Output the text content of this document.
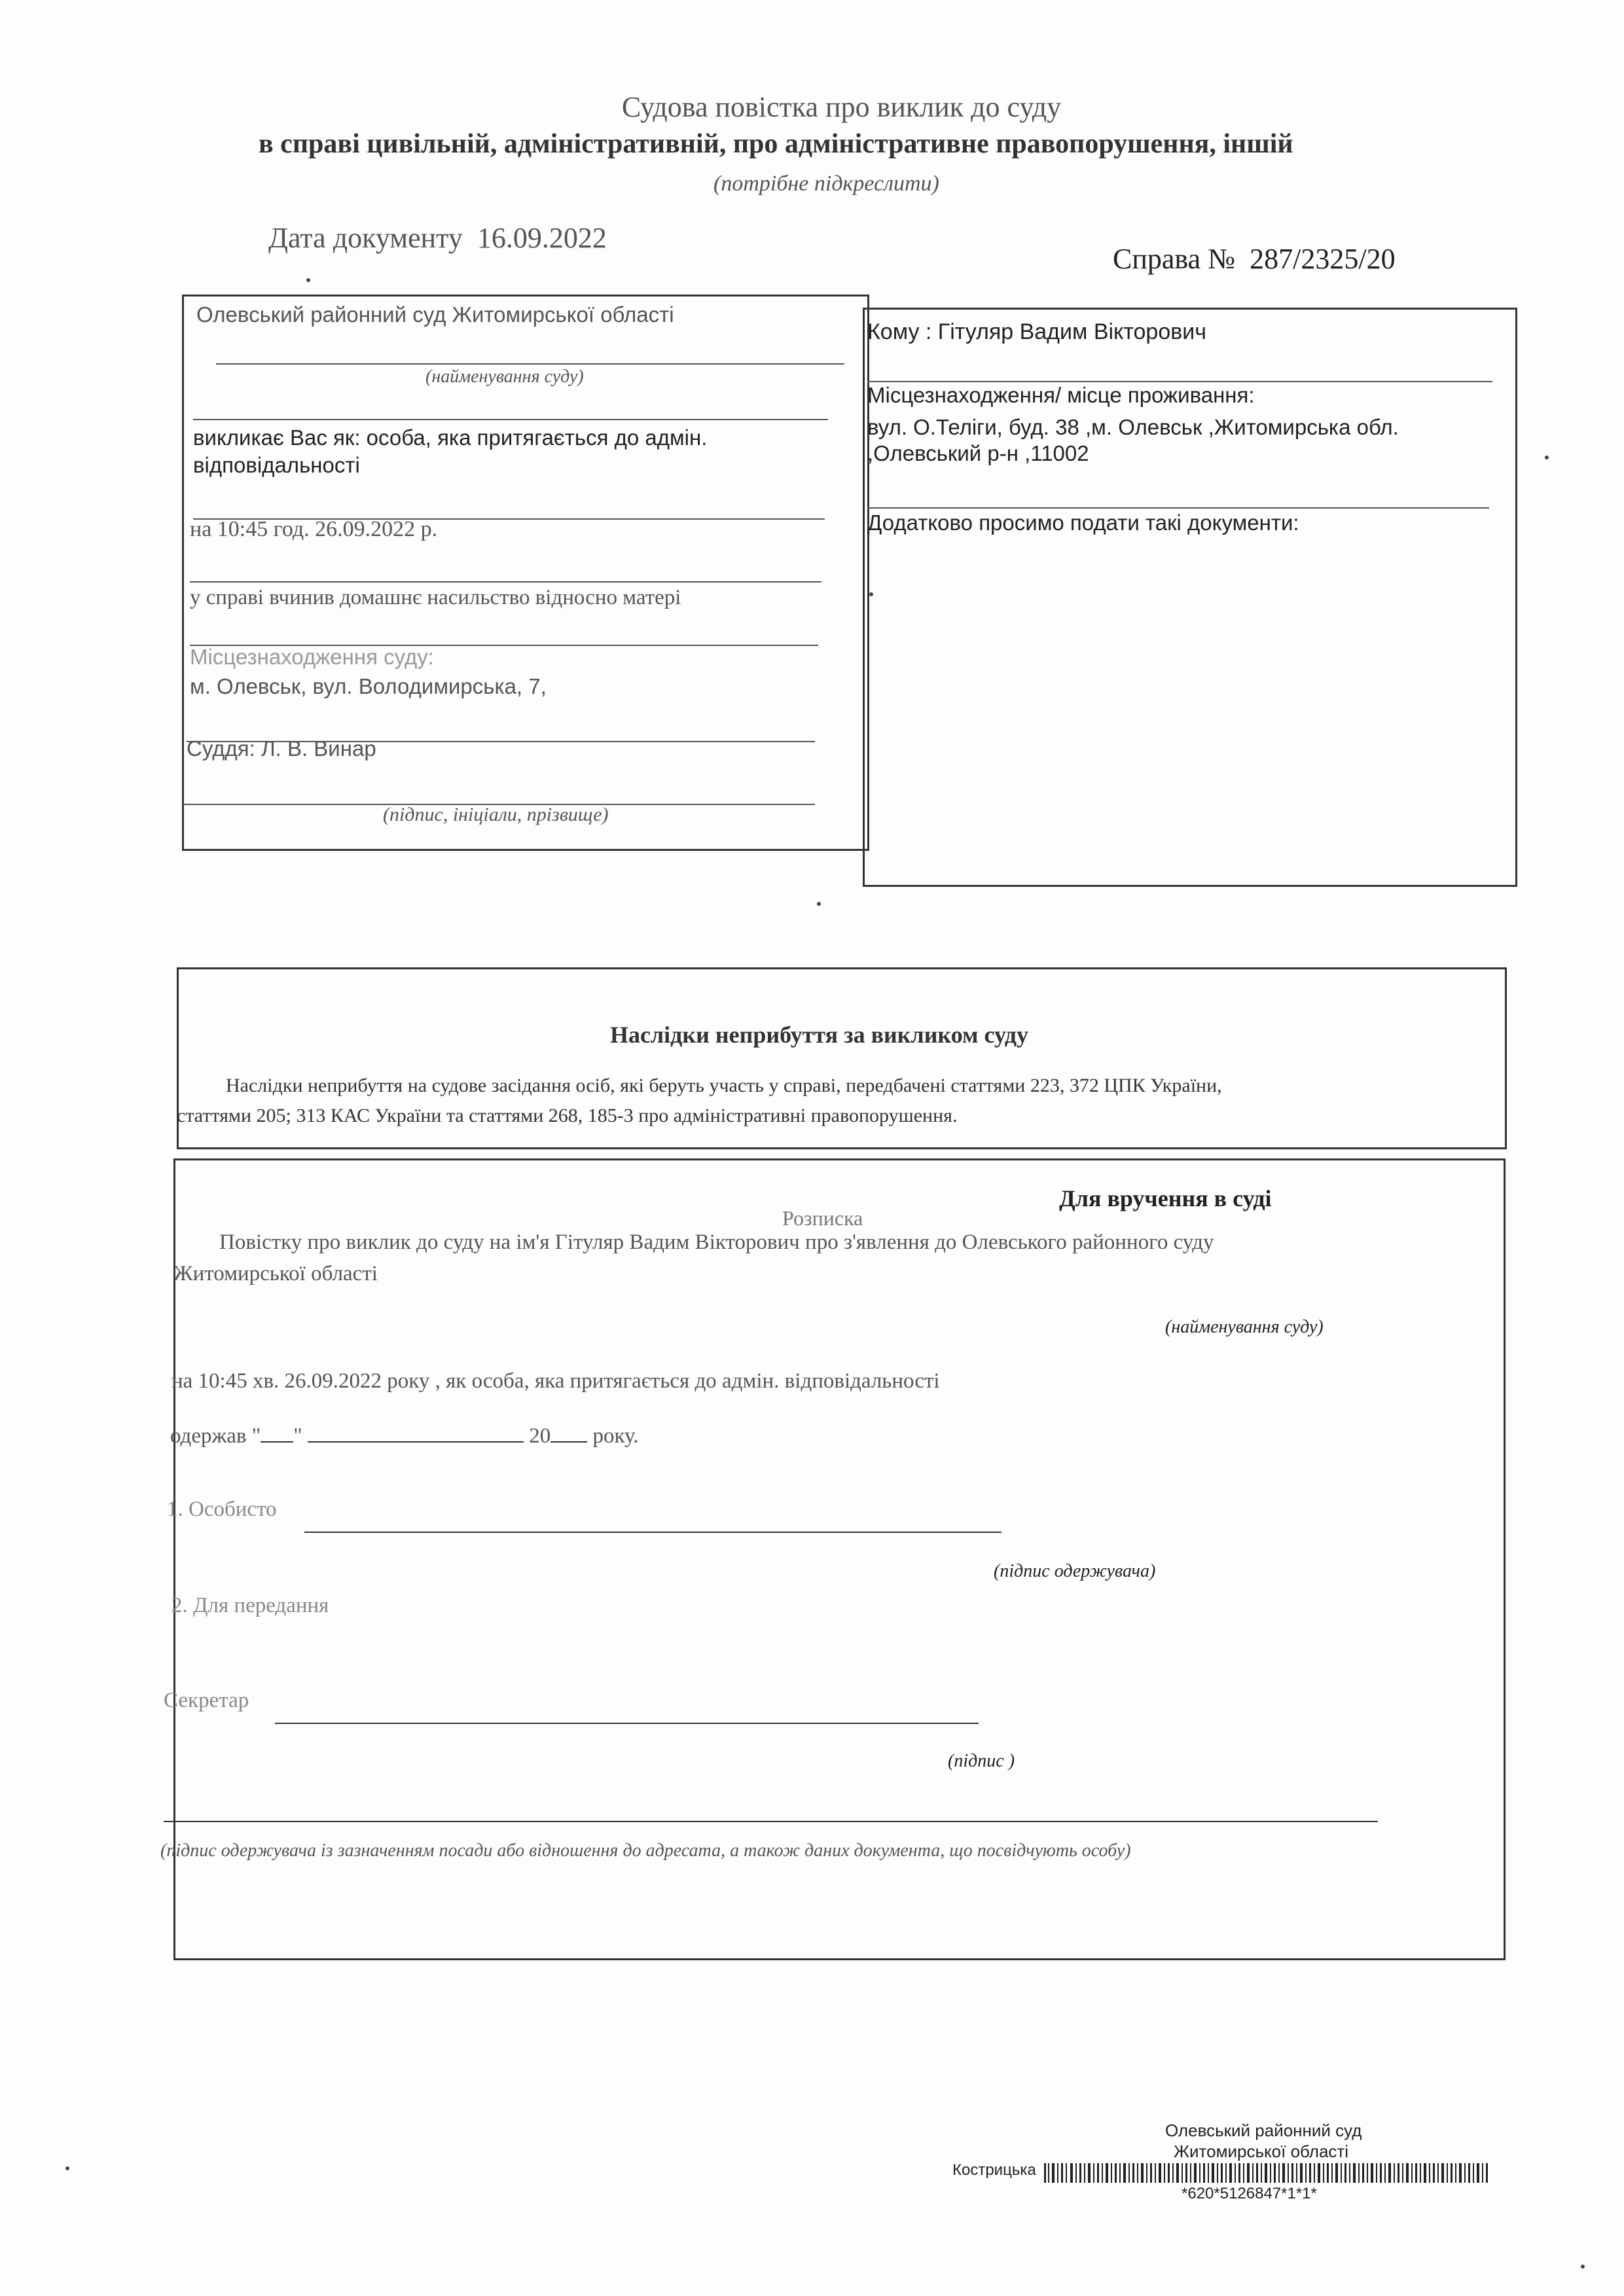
Судова повістка про виклик до суду
в справі цивільній, адміністративній, про адміністративне правопорушення, іншій
(потрібне підкреслити)
Дата документу 16.09.2022
Справа № 287/2325/20
Олевський районний суд Житомирської області
(найменування суду)
викликає Вас як: особа, яка притягається до адмін.
відповідальності
на 10:45 год. 26.09.2022 р.
у справі вчинив домашнє насильство відносно матері
Місцезнаходження суду:
м. Олевськ, вул. Володимирська, 7,
Суддя: Л. В. Винар
(підпис, ініціали, прізвище)
Кому : Гітуляр Вадим Вікторович
Місцезнаходження/ місце проживання:
вул. О.Теліги, буд. 38 ,м. Олевськ ,Житомирська обл.
,Олевський р-н ,11002
Додатково просимо подати такі документи:
Наслідки неприбуття за викликом суду
Наслідки неприбуття на судове засідання осіб, які беруть участь у справі, передбачені статтями 223, 372 ЦПК України,
статтями 205; 313 КАС України та статтями 268, 185-3 про адміністративні правопорушення.
Для вручення в суді
Розписка
Повістку про виклик до суду на ім'я Гітуляр Вадим Вікторович про з'явлення до Олевського районного суду
Житомирської області
(найменування суду)
на 10:45 хв. 26.09.2022 року , як особа, яка притягається до адмін. відповідальності
одержав " "	20 року.
1. Особисто
(підпис одержувача)
2. Для передання
Секретар
(підпис )
(підпис одержувача із зазначенням посади або відношення до адресата, а також даних документа, що посвідчують особу)
Олевський районний суд
Житомирської області
Кострицька
*620*5126847*1*1*
